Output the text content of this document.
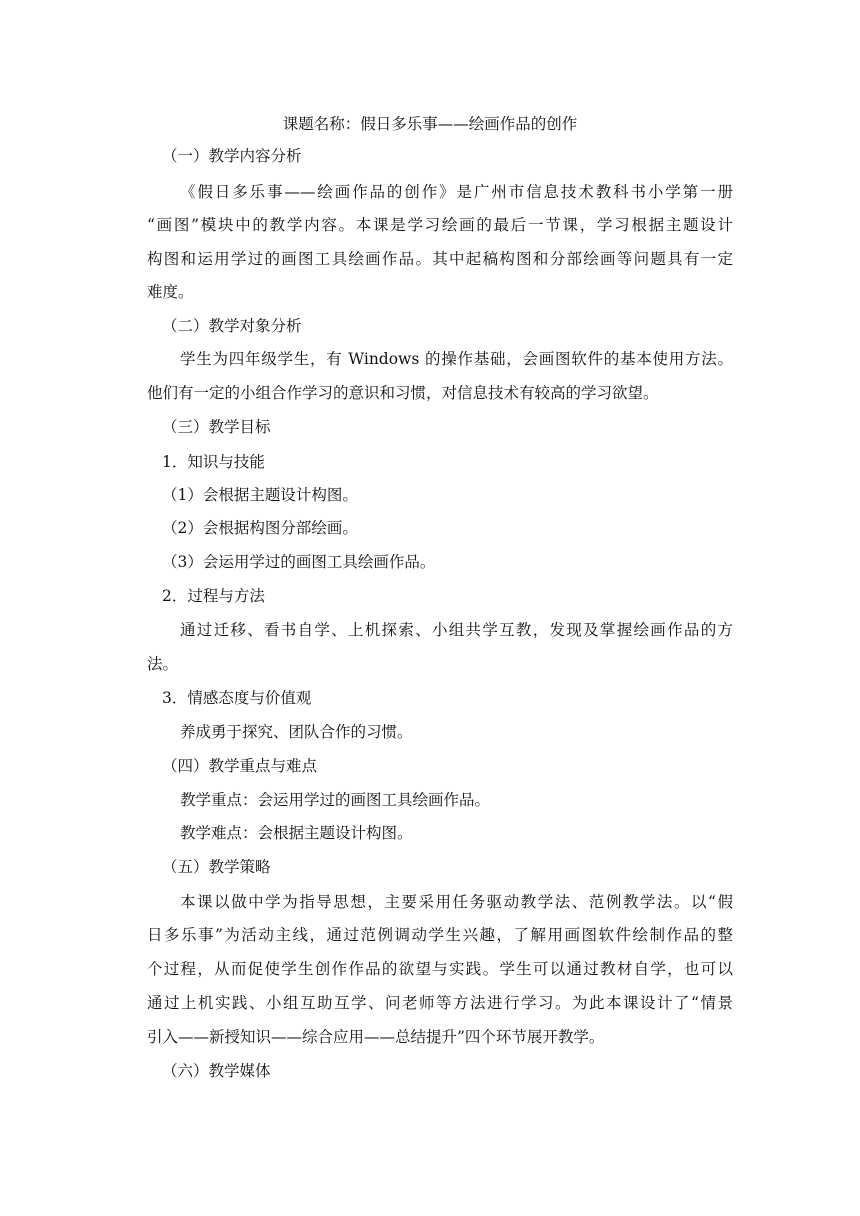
课题名称：假日多乐事——绘画作品的创作
（一）教学内容分析
《假日多乐事——绘画作品的创作》是广州市信息技术教科书小学第一册
“画图”模块中的教学内容。本课是学习绘画的最后一节课，学习根据主题设计
构图和运用学过的画图工具绘画作品。其中起稿构图和分部绘画等问题具有一定
难度。
（二）教学对象分析
学生为四年级学生，有 Windows 的操作基础，会画图软件的基本使用方法。
他们有一定的小组合作学习的意识和习惯，对信息技术有较高的学习欲望。
（三）教学目标
1．知识与技能
（1）会根据主题设计构图。
（2）会根据构图分部绘画。
（3）会运用学过的画图工具绘画作品。
2．过程与方法
通过迁移、看书自学、上机探索、小组共学互教，发现及掌握绘画作品的方
法。
3．情感态度与价值观
养成勇于探究、团队合作的习惯。
（四）教学重点与难点
教学重点：会运用学过的画图工具绘画作品。
教学难点：会根据主题设计构图。
（五）教学策略
本课以做中学为指导思想，主要采用任务驱动教学法、范例教学法。以“假
日多乐事”为活动主线，通过范例调动学生兴趣，了解用画图软件绘制作品的整
个过程，从而促使学生创作作品的欲望与实践。学生可以通过教材自学，也可以
通过上机实践、小组互助互学、问老师等方法进行学习。为此本课设计了“情景
引入——新授知识——综合应用——总结提升”四个环节展开教学。
（六）教学媒体
